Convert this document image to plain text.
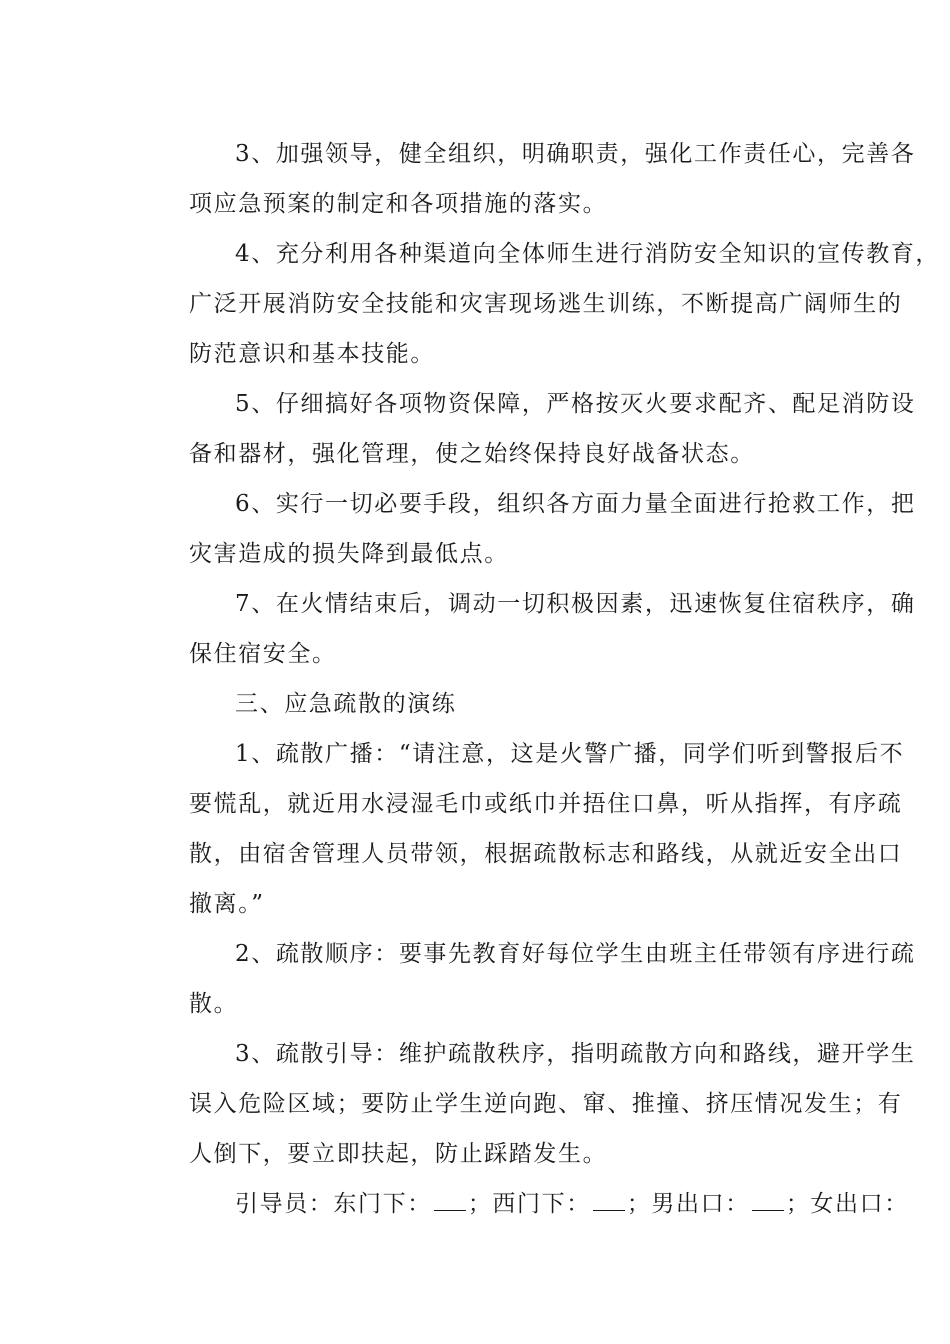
3、加强领导，健全组织，明确职责，强化工作责任心，完善各
项应急预案的制定和各项措施的落实。

4、充分利用各种渠道向全体师生进行消防安全知识的宣传教育，
广泛开展消防安全技能和灾害现场逃生训练，不断提高广阔师生的
防范意识和基本技能。

5、仔细搞好各项物资保障，严格按灭火要求配齐、配足消防设
备和器材，强化管理，使之始终保持良好战备状态。

6、实行一切必要手段，组织各方面力量全面进行抢救工作，把
灾害造成的损失降到最低点。

7、在火情结束后，调动一切积极因素，迅速恢复住宿秩序，确
保住宿安全。

三、应急疏散的演练

1、疏散广播：“请注意，这是火警广播，同学们听到警报后不
要慌乱，就近用水浸湿毛巾或纸巾并捂住口鼻，听从指挥，有序疏
散，由宿舍管理人员带领，根据疏散标志和路线，从就近安全出口
撤离。”

2、疏散顺序：要事先教育好每位学生由班主任带领有序进行疏
散。

3、疏散引导：维护疏散秩序，指明疏散方向和路线，避开学生
误入危险区域；要防止学生逆向跑、窜、推撞、挤压情况发生；有
人倒下，要立即扶起，防止踩踏发生。

引导员：东门下： ；西门下： ；男出口： ；女出口：
